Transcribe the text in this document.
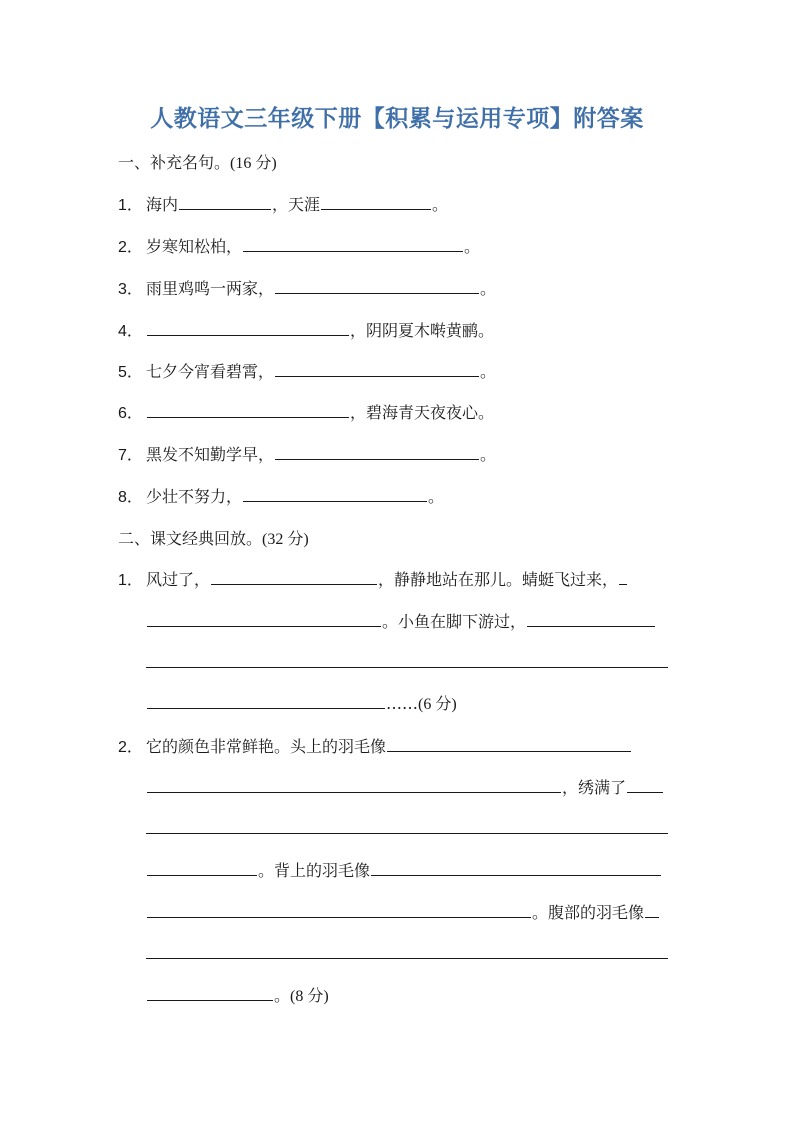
人教语文三年级下册【积累与运用专项】附答案
一、补充名句。(16 分)
1． 海内	，天涯	。
2． 岁寒知松柏，	。
3． 雨里鸡鸣一两家，	。
4．	，阴阴夏木啭黄鹂。
5． 七夕今宵看碧霄，	。
6．	，碧海青天夜夜心。
7． 黑发不知勤学早，	。
8． 少壮不努力，	。
二、课文经典回放。(32 分)
1． 风过了，	，静静地站在那儿。蜻蜓飞过来，
。小鱼在脚下游过，
……(6 分)
2． 它的颜色非常鲜艳。头上的羽毛像
，绣满了
。背上的羽毛像
。腹部的羽毛像
。(8 分)
